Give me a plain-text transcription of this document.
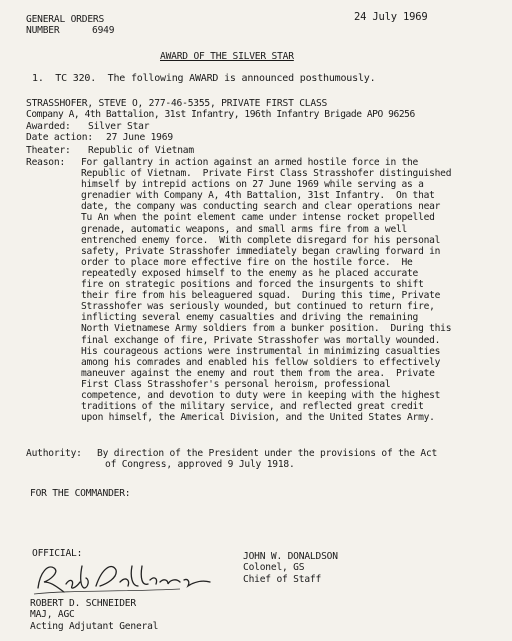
GENERAL ORDERS
NUMBER	6949
24 July 1969
AWARD OF THE SILVER STAR
1.  TC 320.  The following AWARD is announced posthumously.
STRASSHOFER, STEVE O, 277-46-5355, PRIVATE FIRST CLASS
Company A, 4th Battalion, 31st Infantry, 196th Infantry Brigade APO 96256
Awarded: Silver Star
Date action: 27 June 1969
Theater: Republic of Vietnam
Reason: For gallantry in action against an armed hostile force in the
Republic of Vietnam.  Private First Class Strasshofer distinguished
himself by intrepid actions on 27 June 1969 while serving as a
grenadier with Company A, 4th Battalion, 31st Infantry.  On that
date, the company was conducting search and clear operations near
Tu An when the point element came under intense rocket propelled
grenade, automatic weapons, and small arms fire from a well
entrenched enemy force.  With complete disregard for his personal
safety, Private Strasshofer immediately began crawling forward in
order to place more effective fire on the hostile force.  He
repeatedly exposed himself to the enemy as he placed accurate
fire on strategic positions and forced the insurgents to shift
their fire from his beleaguered squad.  During this time, Private
Strasshofer was seriously wounded, but continued to return fire,
inflicting several enemy casualties and driving the remaining
North Vietnamese Army soldiers from a bunker position.  During this
final exchange of fire, Private Strasshofer was mortally wounded.
His courageous actions were instrumental in minimizing casualties
among his comrades and enabled his fellow soldiers to effectively
maneuver against the enemy and rout them from the area.  Private
First Class Strasshofer's personal heroism, professional
competence, and devotion to duty were in keeping with the highest
traditions of the military service, and reflected great credit
upon himself, the Americal Division, and the United States Army.
Authority: By direction of the President under the provisions of the Act
of Congress, approved 9 July 1918.
FOR THE COMMANDER:
OFFICIAL:	JOHN W. DONALDSON
Colonel, GS
Chief of Staff
ROBERT D. SCHNEIDER
MAJ, AGC
Acting Adjutant General
